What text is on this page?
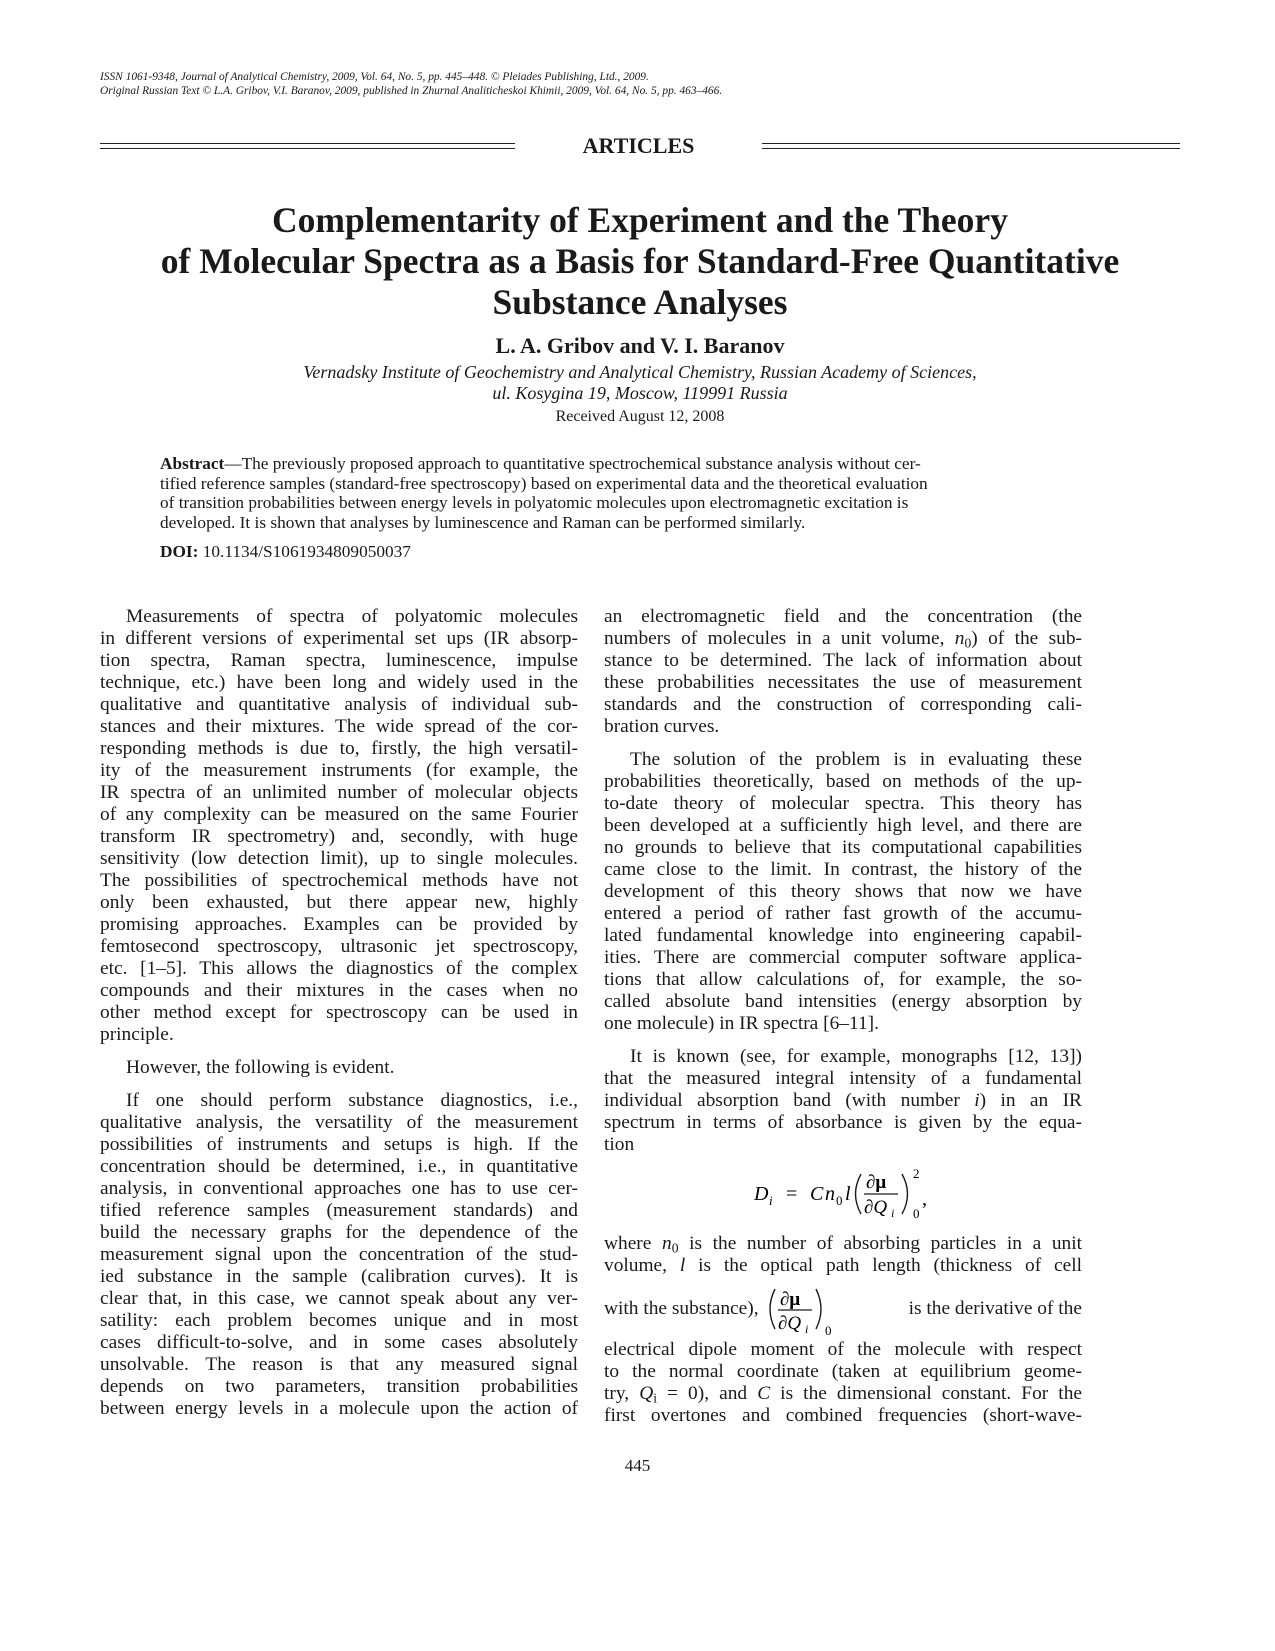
ISSN 1061-9348, Journal of Analytical Chemistry, 2009, Vol. 64, No. 5, pp. 445–448. © Pleiades Publishing, Ltd., 2009.
Original Russian Text © L.A. Gribov, V.I. Baranov, 2009, published in Zhurnal Analiticheskoi Khimii, 2009, Vol. 64, No. 5, pp. 463–466.
ARTICLES
Complementarity of Experiment and the Theory
of Molecular Spectra as a Basis for Standard-Free Quantitative
Substance Analyses
L. A. Gribov and V. I. Baranov
Vernadsky Institute of Geochemistry and Analytical Chemistry, Russian Academy of Sciences,
ul. Kosygina 19, Moscow, 119991 Russia
Received August 12, 2008
Abstract—The previously proposed approach to quantitative spectrochemical substance analysis without cer-
tified reference samples (standard-free spectroscopy) based on experimental data and the theoretical evaluation
of transition probabilities between energy levels in polyatomic molecules upon electromagnetic excitation is
developed. It is shown that analyses by luminescence and Raman can be performed similarly.
DOI: 10.1134/S1061934809050037
Measurements of spectra of polyatomic molecules
in different versions of experimental set ups (IR absorp-
tion spectra, Raman spectra, luminescence, impulse
technique, etc.) have been long and widely used in the
qualitative and quantitative analysis of individual sub-
stances and their mixtures. The wide spread of the cor-
responding methods is due to, firstly, the high versatil-
ity of the measurement instruments (for example, the
IR spectra of an unlimited number of molecular objects
of any complexity can be measured on the same Fourier
transform IR spectrometry) and, secondly, with huge
sensitivity (low detection limit), up to single molecules.
The possibilities of spectrochemical methods have not
only been exhausted, but there appear new, highly
promising approaches. Examples can be provided by
femtosecond spectroscopy, ultrasonic jet spectroscopy,
etc. [1–5]. This allows the diagnostics of the complex
compounds and their mixtures in the cases when no
other method except for spectroscopy can be used in
principle.
However, the following is evident.
If one should perform substance diagnostics, i.e.,
qualitative analysis, the versatility of the measurement
possibilities of instruments and setups is high. If the
concentration should be determined, i.e., in quantitative
analysis, in conventional approaches one has to use cer-
tified reference samples (measurement standards) and
build the necessary graphs for the dependence of the
measurement signal upon the concentration of the stud-
ied substance in the sample (calibration curves). It is
clear that, in this case, we cannot speak about any ver-
satility: each problem becomes unique and in most
cases difficult-to-solve, and in some cases absolutely
unsolvable. The reason is that any measured signal
depends on two parameters, transition probabilities
between energy levels in a molecule upon the action of
an electromagnetic field and the concentration (the
numbers of molecules in a unit volume, $n_0$) of the sub-
stance to be determined. The lack of information about
these probabilities necessitates the use of measurement
standards and the construction of corresponding cali-
bration curves.
The solution of the problem is in evaluating these
probabilities theoretically, based on methods of the up-
to-date theory of molecular spectra. This theory has
been developed at a sufficiently high level, and there are
no grounds to believe that its computational capabilities
came close to the limit. In contrast, the history of the
development of this theory shows that now we have
entered a period of rather fast growth of the accumu-
lated fundamental knowledge into engineering capabil-
ities. There are commercial computer software applica-
tions that allow calculations of, for example, the so-
called absolute band intensities (energy absorption by
one molecule) in IR spectra [6–11].
It is known (see, for example, monographs [12, 13])
that the measured integral intensity of a fundamental
individual absorption band (with number i) in an IR
spectrum in terms of absorbance is given by the equa-
tion
D i = C n 0 l
∂μ
∂Q i
2
0
,
where $n_0$ is the number of absorbing particles in a unit
volume, l is the optical path length (thickness of cell
with the substance), ∂μ
∂Q i 0
is the derivative of the
electrical dipole moment of the molecule with respect
to the normal coordinate (taken at equilibrium geome-
try, $Q_i = 0$), and C is the dimensional constant. For the
first overtones and combined frequencies (short-wave-
445
